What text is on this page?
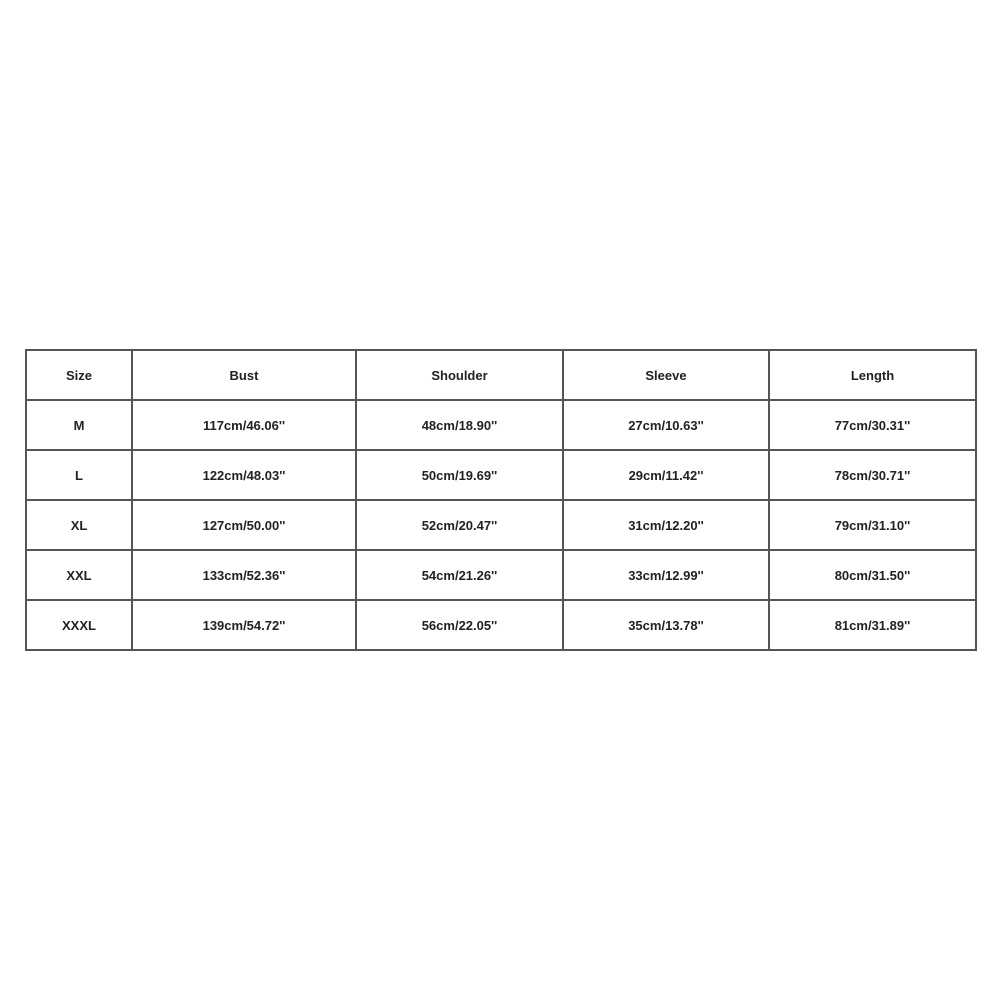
Size	Bust	Shoulder	Sleeve	Length
M	117cm/46.06''	48cm/18.90''	27cm/10.63''	77cm/30.31''
L	122cm/48.03''	50cm/19.69''	29cm/11.42''	78cm/30.71''
XL	127cm/50.00''	52cm/20.47''	31cm/12.20''	79cm/31.10''
XXL	133cm/52.36''	54cm/21.26''	33cm/12.99''	80cm/31.50''
XXXL	139cm/54.72''	56cm/22.05''	35cm/13.78''	81cm/31.89''
